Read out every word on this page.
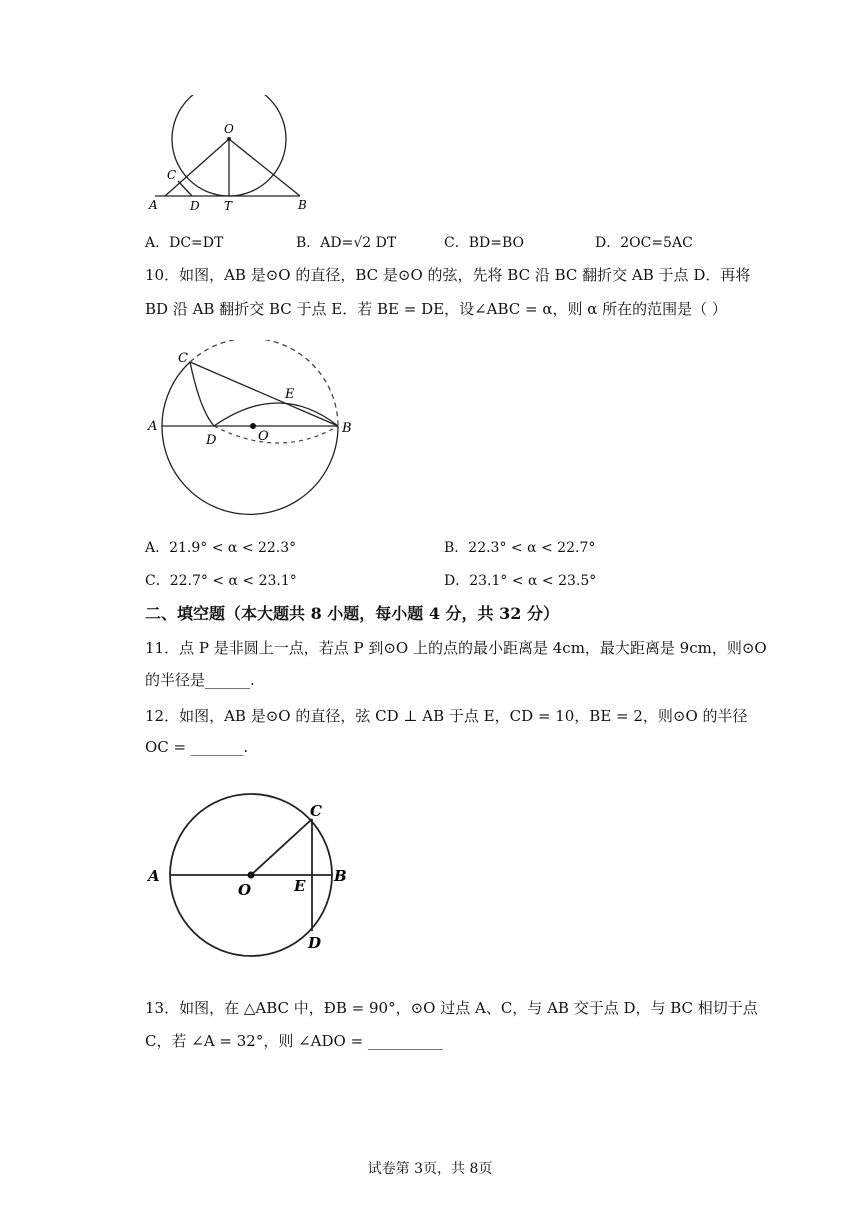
O
C
A	D T	B
A．DC=DT	B．AD=√2 DT	C．BD=BO	D．2OC=5AC
10．如图，AB 是⊙O 的直径，BC 是⊙O 的弦，先将 BC 沿 BC 翻折交 AB 于点 D．再将
BD 沿 AB 翻折交 BC 于点 E．若 BE = DE，设∠ABC = α，则 α 所在的范围是（ ）
C
E
A
D	O
B
A．21.9° < α < 22.3°	B．22.3° < α < 22.7°
C．22.7° < α < 23.1°	D．23.1° < α < 23.5°
二、填空题（本大题共 8 小题，每小题 4 分，共 32 分）
11．点 P 是非圆上一点，若点 P 到⊙O 上的点的最小距离是 4cm，最大距离是 9cm，则⊙O
的半径是______.
12．如图，AB 是⊙O 的直径，弦 CD ⊥ AB 于点 E，CD = 10，BE = 2，则⊙O 的半径
OC = _______.
A
O	E
B
C
D
13．如图，在 △ABC 中，ÐB = 90°，⊙O 过点 A、C，与 AB 交于点 D，与 BC 相切于点
C，若 ∠A = 32°，则 ∠ADO = __________
试卷第 3页，共 8页
